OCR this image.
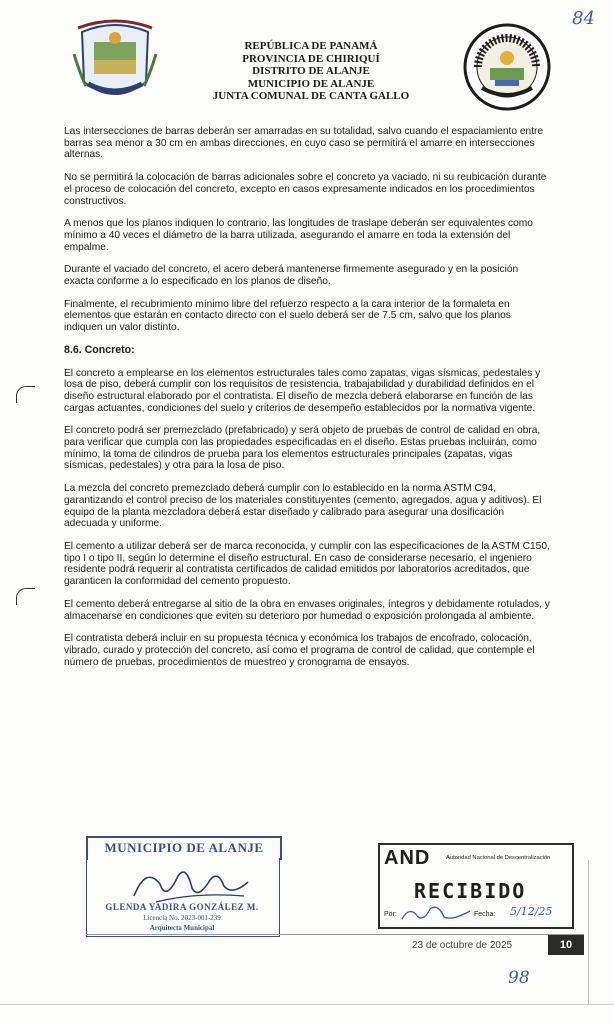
REPÚBLICA DE PANAMÁ
PROVINCIA DE CHIRIQUÍ
DISTRITO DE ALANJE
MUNICIPIO DE ALANJE
JUNTA COMUNAL DE CANTA GALLO
84

Las intersecciones de barras deberán ser amarradas en su totalidad, salvo cuando el espaciamiento entre barras sea menor a 30 cm en ambas direcciones, en cuyo caso se permitirá el amarre en intersecciones alternas.

No se permitirá la colocación de barras adicionales sobre el concreto ya vaciado, ni su reubicación durante el proceso de colocación del concreto, excepto en casos expresamente indicados en los procedimientos constructivos.

A menos que los planos indiquen lo contrario, las longitudes de traslape deberán ser equivalentes como mínimo a 40 veces el diámetro de la barra utilizada, asegurando el amarre en toda la extensión del empalme.

Durante el vaciado del concreto, el acero deberá mantenerse firmemente asegurado y en la posición exacta conforme a lo especificado en los planos de diseño.

Finalmente, el recubrimiento mínimo libre del refuerzo respecto a la cara interior de la formaleta en elementos que estarán en contacto directo con el suelo deberá ser de 7.5 cm, salvo que los planos indiquen un valor distinto.

8.6. Concreto:

El concreto a emplearse en los elementos estructurales tales como zapatas, vigas sísmicas, pedestales y losa de piso, deberá cumplir con los requisitos de resistencia, trabajabilidad y durabilidad definidos en el diseño estructural elaborado por el contratista. El diseño de mezcla deberá elaborarse en función de las cargas actuantes, condiciones del suelo y criterios de desempeño establecidos por la normativa vigente.

El concreto podrá ser premezclado (prefabricado) y será objeto de pruebas de control de calidad en obra, para verificar que cumpla con las propiedades especificadas en el diseño. Estas pruebas incluirán, como mínimo, la toma de cilindros de prueba para los elementos estructurales principales (zapatas, vigas sísmicas, pedestales) y otra para la losa de piso.

La mezcla del concreto premezclado deberá cumplir con lo establecido en la norma ASTM C94, garantizando el control preciso de los materiales constituyentes (cemento, agregados, agua y aditivos). El equipo de la planta mezcladora deberá estar diseñado y calibrado para asegurar una dosificación adecuada y uniforme.

El cemento a utilizar deberá ser de marca reconocida, y cumplir con las especificaciones de la ASTM C150, tipo I o tipo II, según lo determine el diseño estructural. En caso de considerarse necesario, el ingeniero residente podrá requerir al contratista certificados de calidad emitidos por laboratorios acreditados, que garanticen la conformidad del cemento propuesto.

El cemento deberá entregarse al sitio de la obra en envases originales, íntegros y debidamente rotulados, y almacenarse en condiciones que eviten su deterioro por humedad o exposición prolongada al ambiente.

El contratista deberá incluir en su propuesta técnica y económica los trabajos de encofrado, colocación, vibrado, curado y protección del concreto, así como el programa de control de calidad, que contemple el número de pruebas, procedimientos de muestreo y cronograma de ensayos.

MUNICIPIO DE ALANJE
GLENDA YADIRA GONZÁLEZ M.
Licencia No. 2023-001-239
Arquitecta Municipal
AND	Autoridad Nacional de Descentralización
RECIBIDO
Por:	Fecha: 5/12/25
23 de octubre de 2025	10
98
